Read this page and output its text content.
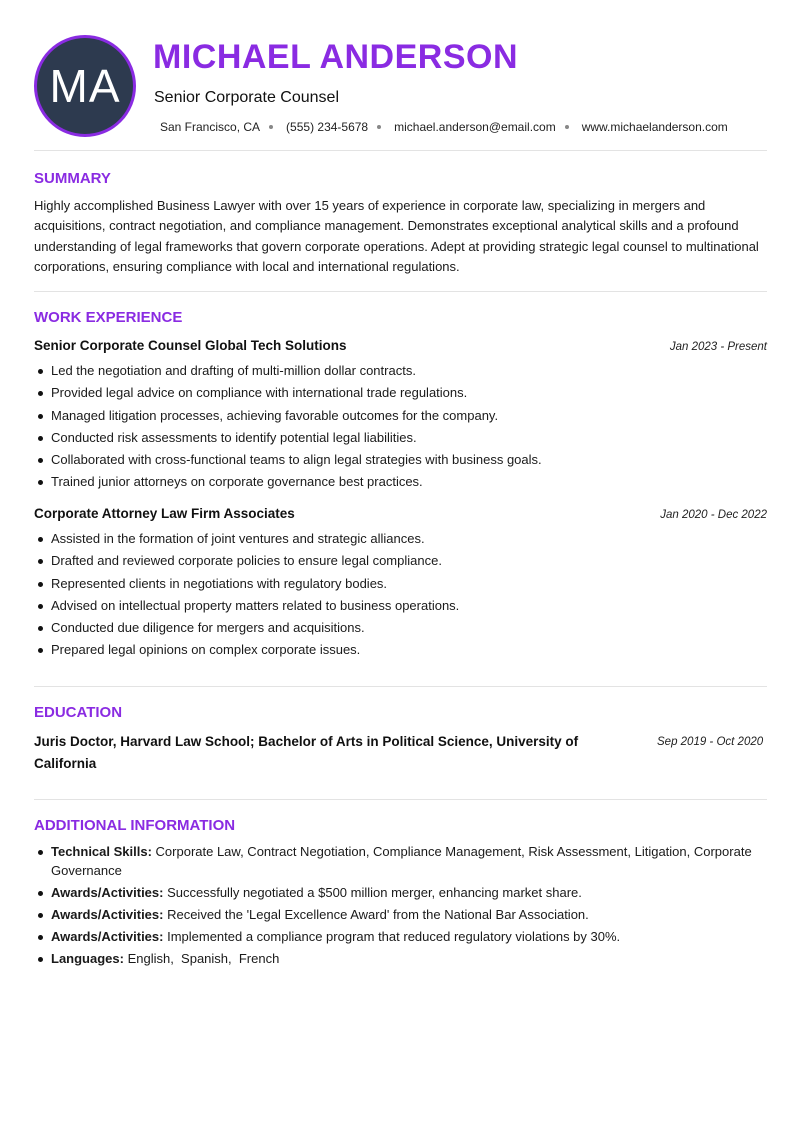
MA
MICHAEL ANDERSON
Senior Corporate Counsel
San Francisco, CA (555) 234-5678 michael.anderson@email.com www.michaelanderson.com
SUMMARY
Highly accomplished Business Lawyer with over 15 years of experience in corporate law, specializing in mergers and acquisitions, contract negotiation, and compliance management. Demonstrates exceptional analytical skills and a profound understanding of legal frameworks that govern corporate operations. Adept at providing strategic legal counsel to multinational corporations, ensuring compliance with local and international regulations.
WORK EXPERIENCE
Senior Corporate Counsel Global Tech Solutions	Jan 2023 - Present
Led the negotiation and drafting of multi-million dollar contracts.
Provided legal advice on compliance with international trade regulations.
Managed litigation processes, achieving favorable outcomes for the company.
Conducted risk assessments to identify potential legal liabilities.
Collaborated with cross-functional teams to align legal strategies with business goals.
Trained junior attorneys on corporate governance best practices.
Corporate Attorney Law Firm Associates	Jan 2020 - Dec 2022
Assisted in the formation of joint ventures and strategic alliances.
Drafted and reviewed corporate policies to ensure legal compliance.
Represented clients in negotiations with regulatory bodies.
Advised on intellectual property matters related to business operations.
Conducted due diligence for mergers and acquisitions.
Prepared legal opinions on complex corporate issues.
EDUCATION
Juris Doctor, Harvard Law School; Bachelor of Arts in Political Science, University of California
Sep 2019 - Oct 2020
ADDITIONAL INFORMATION
Technical Skills: Corporate Law, Contract Negotiation, Compliance Management, Risk Assessment, Litigation, Corporate Governance
Awards/Activities: Successfully negotiated a $500 million merger, enhancing market share.
Awards/Activities: Received the 'Legal Excellence Award' from the National Bar Association.
Awards/Activities: Implemented a compliance program that reduced regulatory violations by 30%.
Languages: English,  Spanish,  French
